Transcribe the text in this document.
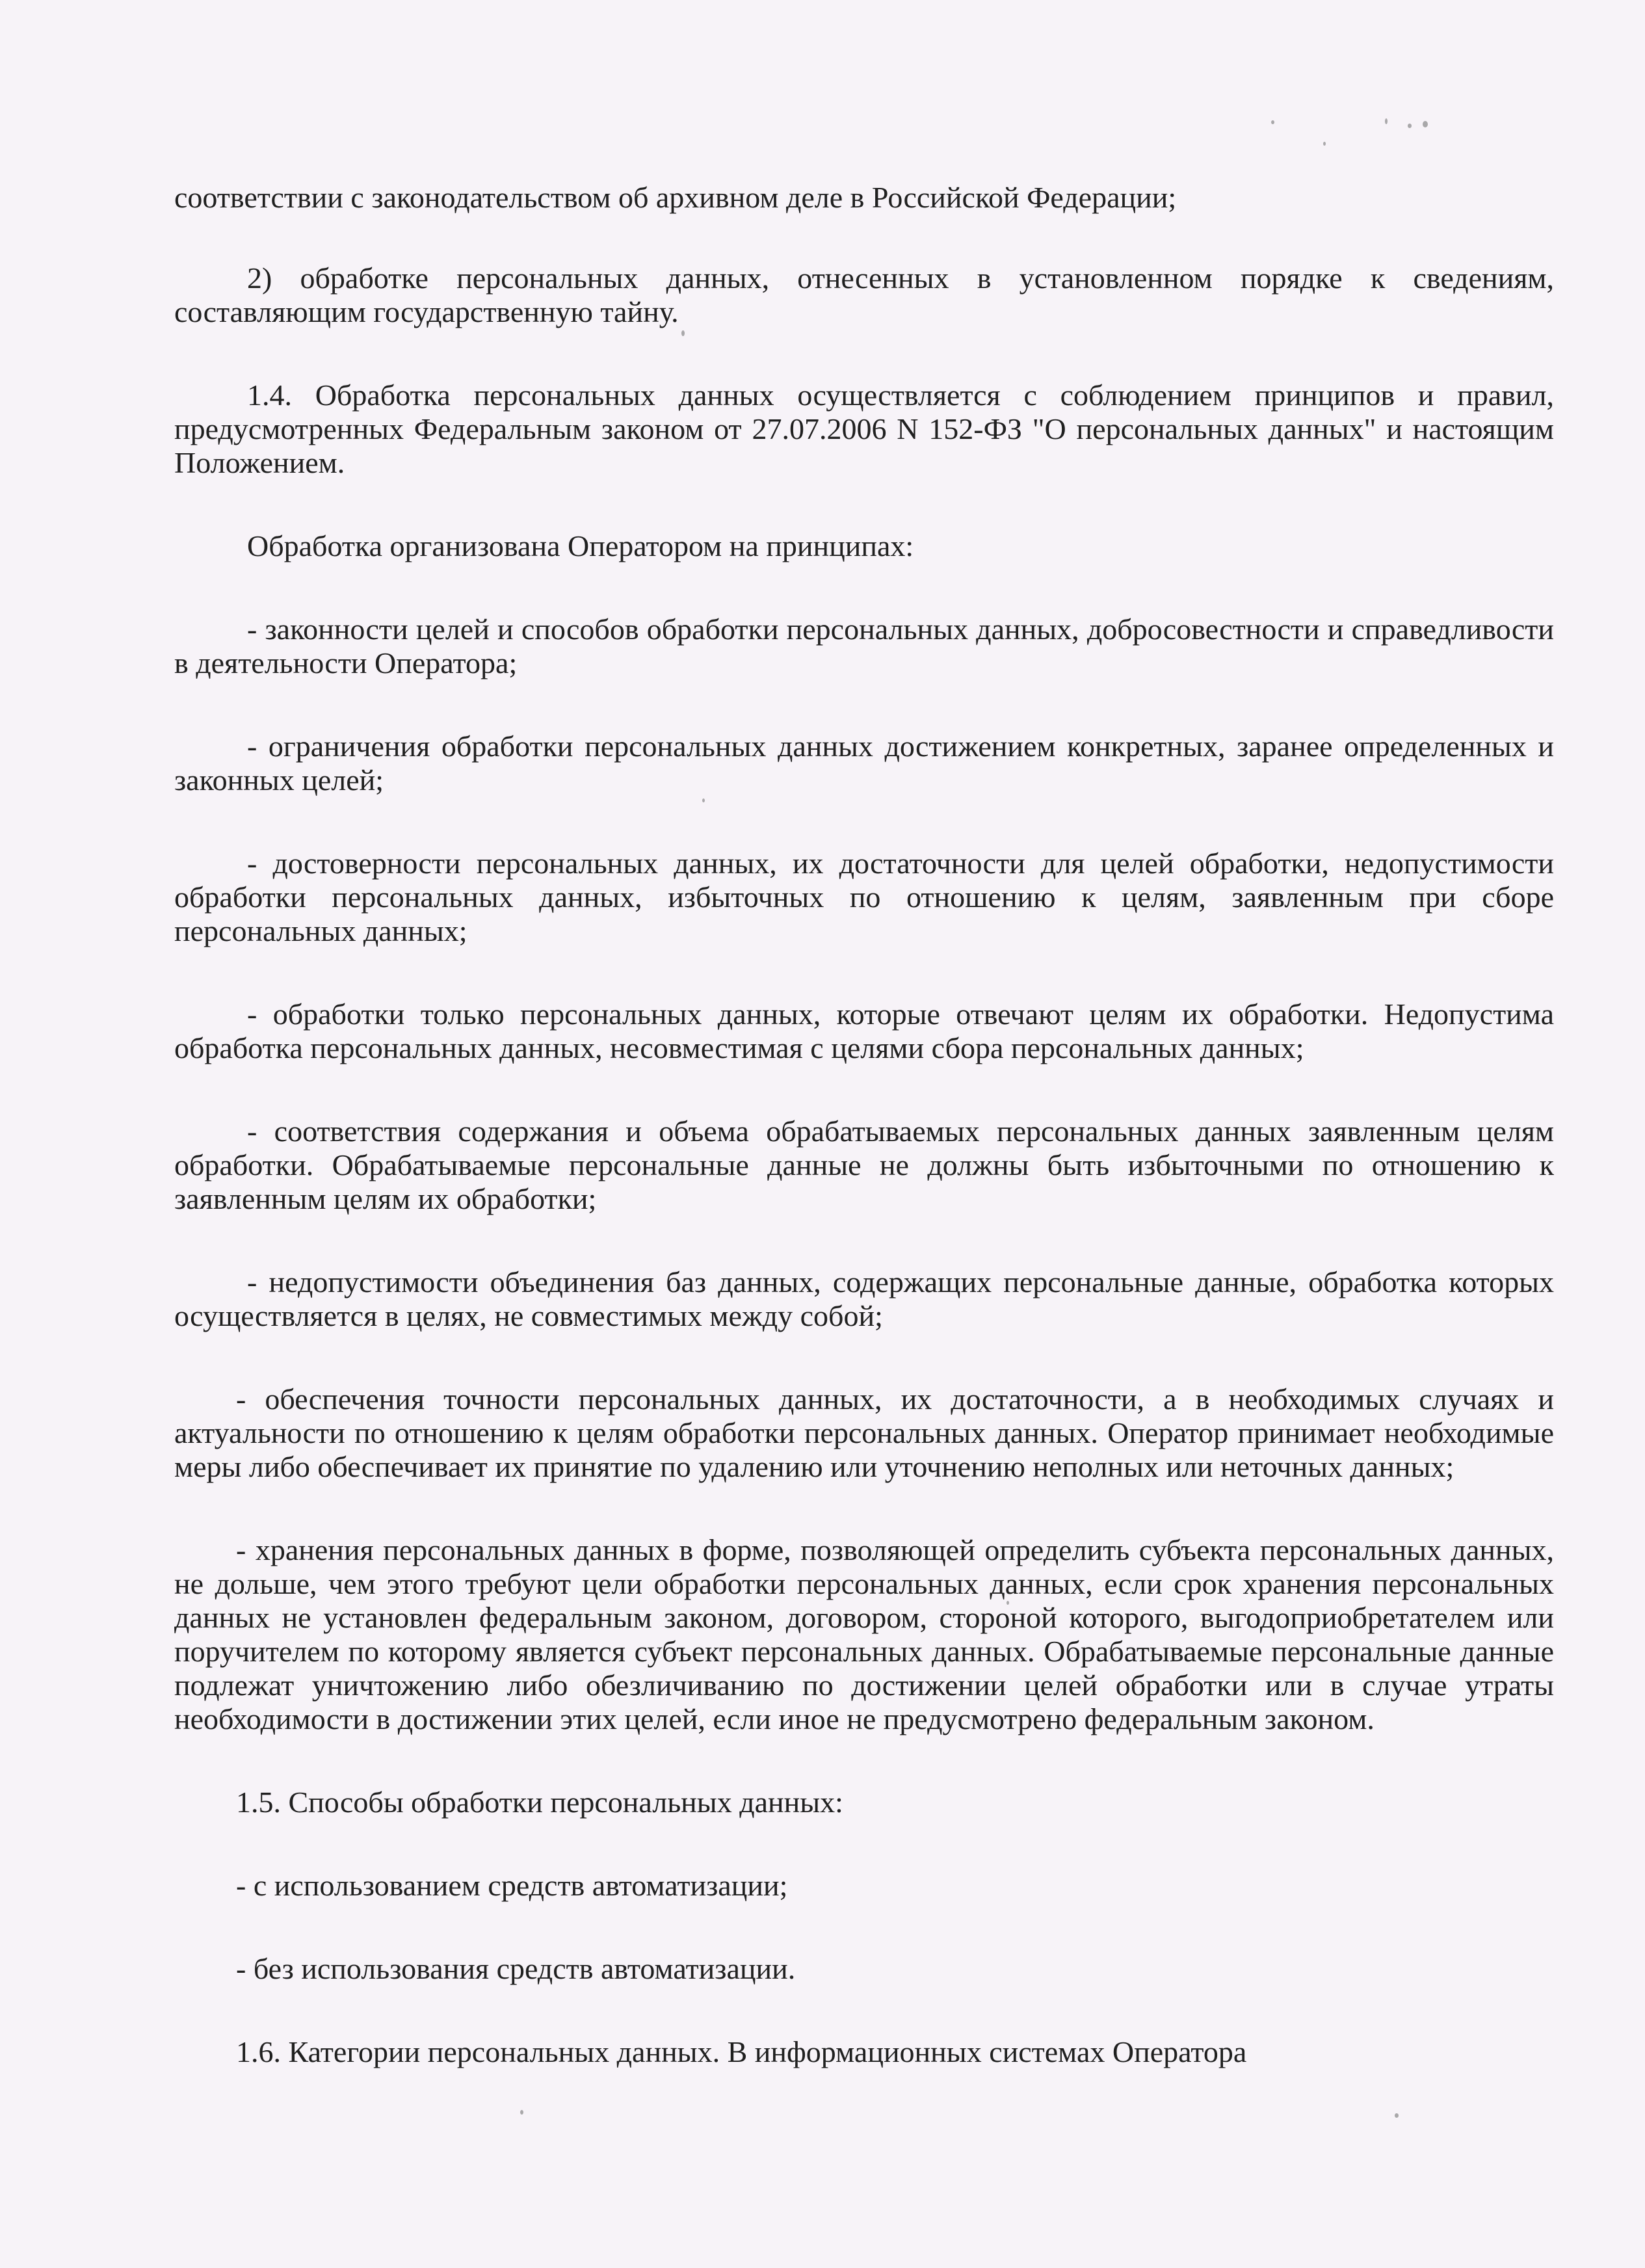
соответствии с законодательством об архивном деле в Российской Федерации;

2) обработке персональных данных, отнесенных в установленном порядке к сведениям, составляющим государственную тайну.

1.4. Обработка персональных данных осуществляется с соблюдением принципов и правил, предусмотренных Федеральным законом от 27.07.2006 N 152-ФЗ "О персональных данных" и настоящим Положением.

Обработка организована Оператором на принципах:

- законности целей и способов обработки персональных данных, добросовестности и справедливости в деятельности Оператора;

- ограничения обработки персональных данных достижением конкретных, заранее определенных и законных целей;

- достоверности персональных данных, их достаточности для целей обработки, недопустимости обработки персональных данных, избыточных по отношению к целям, заявленным при сборе персональных данных;

- обработки только персональных данных, которые отвечают целям их обработки. Недопустима обработка персональных данных, несовместимая с целями сбора персональных данных;

- соответствия содержания и объема обрабатываемых персональных данных заявленным целям обработки. Обрабатываемые персональные данные не должны быть избыточными по отношению к заявленным целям их обработки;

- недопустимости объединения баз данных, содержащих персональные данные, обработка которых осуществляется в целях, не совместимых между собой;

- обеспечения точности персональных данных, их достаточности, а в необходимых случаях и актуальности по отношению к целям обработки персональных данных. Оператор принимает необходимые меры либо обеспечивает их принятие по удалению или уточнению неполных или неточных данных;

- хранения персональных данных в форме, позволяющей определить субъекта персональных данных, не дольше, чем этого требуют цели обработки персональных данных, если срок хранения персональных данных не установлен федеральным законом, договором, стороной которого, выгодоприобретателем или поручителем по которому является субъект персональных данных. Обрабатываемые персональные данные подлежат уничтожению либо обезличиванию по достижении целей обработки или в случае утраты необходимости в достижении этих целей, если иное не предусмотрено федеральным законом.

1.5. Способы обработки персональных данных:

- с использованием средств автоматизации;

- без использования средств автоматизации.

1.6. Категории персональных данных. В информационных системах Оператора
